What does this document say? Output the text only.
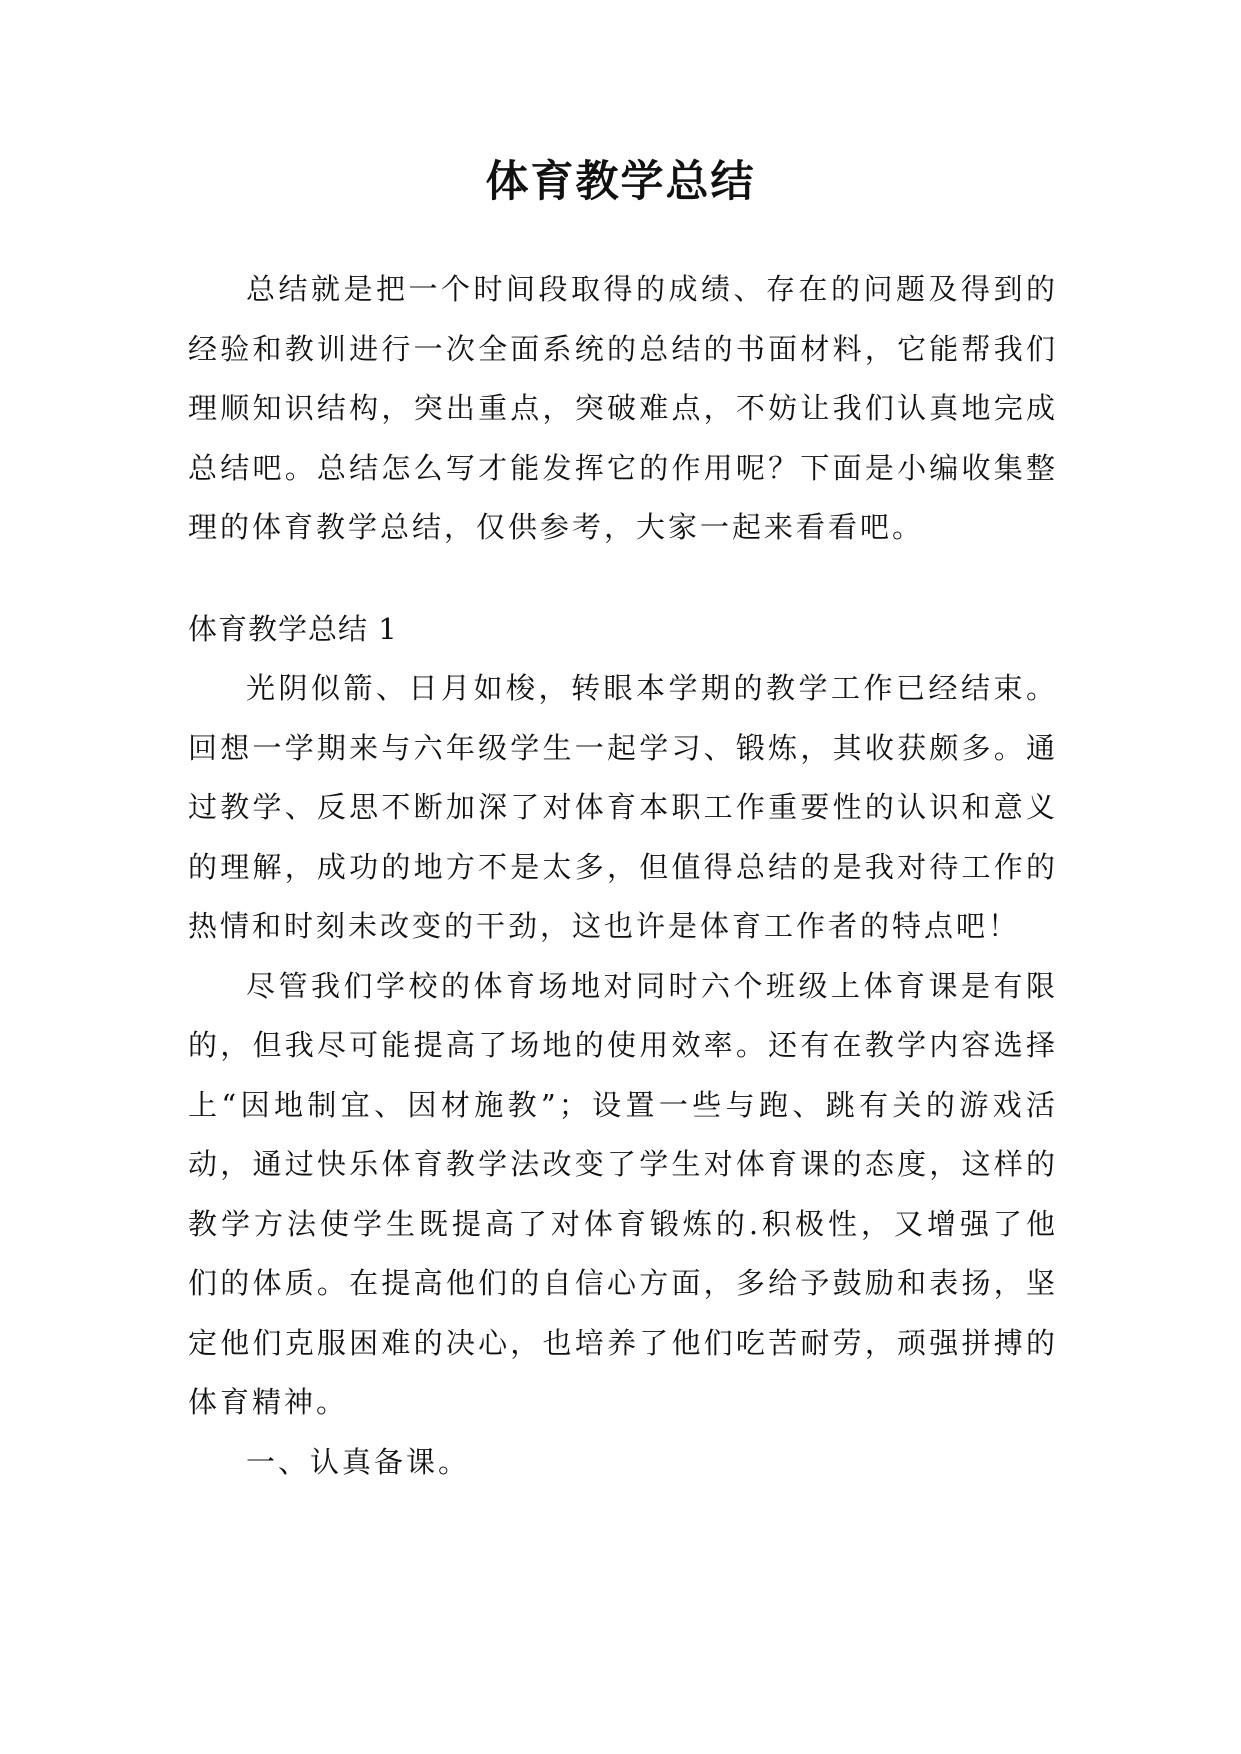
体育教学总结

总结就是把一个时间段取得的成绩、存在的问题及得到的经验和教训进行一次全面系统的总结的书面材料，它能帮我们理顺知识结构，突出重点，突破难点，不妨让我们认真地完成总结吧。总结怎么写才能发挥它的作用呢？下面是小编收集整理的体育教学总结，仅供参考，大家一起来看看吧。

体育教学总结 1

光阴似箭、日月如梭，转眼本学期的教学工作已经结束。回想一学期来与六年级学生一起学习、锻炼，其收获颇多。通过教学、反思不断加深了对体育本职工作重要性的认识和意义的理解，成功的地方不是太多，但值得总结的是我对待工作的热情和时刻未改变的干劲，这也许是体育工作者的特点吧！

尽管我们学校的体育场地对同时六个班级上体育课是有限的，但我尽可能提高了场地的使用效率。还有在教学内容选择上“因地制宜、因材施教”；设置一些与跑、跳有关的游戏活动，通过快乐体育教学法改变了学生对体育课的态度，这样的教学方法使学生既提高了对体育锻炼的.积极性，又增强了他们的体质。在提高他们的自信心方面，多给予鼓励和表扬，坚定他们克服困难的决心，也培养了他们吃苦耐劳，顽强拼搏的体育精神。

一、认真备课。
